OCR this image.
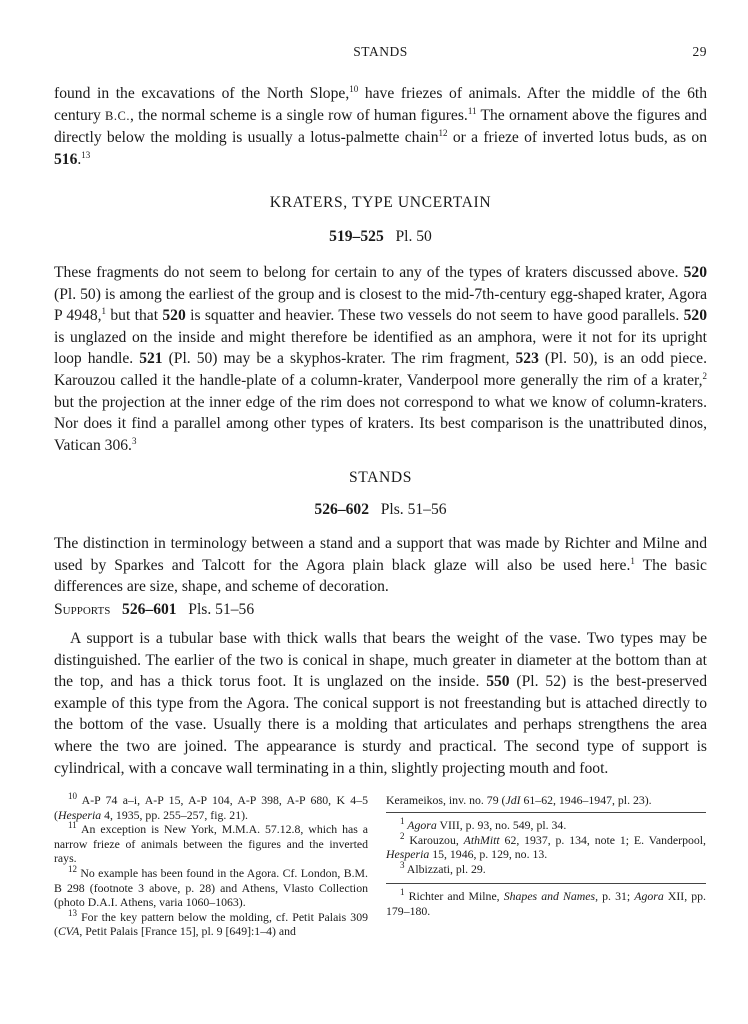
STANDS	29

found in the excavations of the North Slope,$^{10}$ have friezes of animals. After the middle of the 6th century B.C., the normal scheme is a single row of human figures.$^{11}$ The ornament above the figures and directly below the molding is usually a lotus-palmette chain$^{12}$ or a frieze of inverted lotus buds, as on 516.13

KRATERS, TYPE UNCERTAIN
519–525 Pl. 50

These fragments do not seem to belong for certain to any of the types of kraters discussed above. 520 (Pl. 50) is among the earliest of the group and is closest to the mid-7th-century egg-shaped krater, Agora P 4948,$^1$ but that 520 is squatter and heavier. These two vessels do not seem to have good parallels. 520 is unglazed on the inside and might therefore be identified as an amphora, were it not for its upright loop handle. 521 (Pl. 50) may be a skyphos-krater. The rim fragment, 523 (Pl. 50), is an odd piece. Karouzou called it the handle-plate of a column-krater, Vanderpool more generally the rim of a krater,$^2$ but the projection at the inner edge of the rim does not correspond to what we know of column-kraters. Nor does it find a parallel among other types of kraters. Its best comparison is the unattributed dinos, Vatican 306.$^3$

STANDS
526–602 Pls. 51–56

The distinction in terminology between a stand and a support that was made by Richter and Milne and used by Sparkes and Talcott for the Agora plain black glaze will also be used here.$^1$ The basic differences are size, shape, and scheme of decoration.

Supports 526–601 Pls. 51–56

A support is a tubular base with thick walls that bears the weight of the vase. Two types may be distinguished. The earlier of the two is conical in shape, much greater in diameter at the bottom than at the top, and has a thick torus foot. It is unglazed on the inside. 550 (Pl. 52) is the best-preserved example of this type from the Agora. The conical support is not freestanding but is attached directly to the bottom of the vase. Usually there is a molding that articulates and perhaps strengthens the area where the two are joined. The appearance is sturdy and practical. The second type of support is cylindrical, with a concave wall terminating in a thin, slightly projecting mouth and foot.

$^{10}$ A-P 74 a–i, A-P 15, A-P 104, A-P 398, A-P 680, K 4–5 (Hesperia 4, 1935, pp. 255–257, fig. 21).

$^{11}$ An exception is New York, M.M.A. 57.12.8, which has a narrow frieze of animals between the figures and the inverted rays.

$^{12}$ No example has been found in the Agora. Cf. London, B.M. B 298 (footnote 3 above, p. 28) and Athens, Vlasto Collection (photo D.A.I. Athens, varia 1060–1063).

$^{13}$ For the key pattern below the molding, cf. Petit Palais 309 (CVA, Petit Palais [France 15], pl. 9 [649]:1–4) and

Kerameikos, inv. no. 79 (JdI 61–62, 1946–1947, pl. 23).

$^1$ Agora VIII, p. 93, no. 549, pl. 34.

$^2$ Karouzou, AthMitt 62, 1937, p. 134, note 1; E. Vanderpool, Hesperia 15, 1946, p. 129, no. 13.

$^3$ Albizzati, pl. 29.

$^1$ Richter and Milne, Shapes and Names, p. 31; Agora XII, pp. 179–180.
